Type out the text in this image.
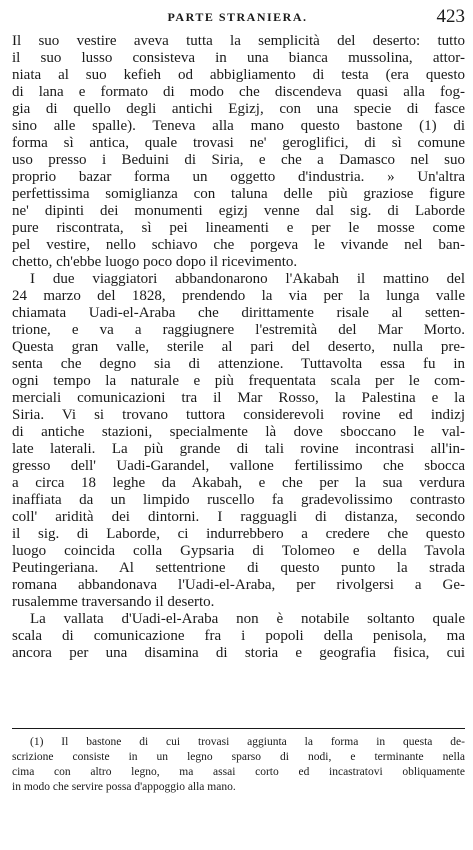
PARTE STRANIERA.	423
Il suo vestire aveva tutta la semplicità del deserto: tutto
il suo lusso consisteva in una bianca mussolina, attor-
niata al suo kefieh od abbigliamento di testa (era questo
di lana e formato di modo che discendeva quasi alla fog-
gia di quello degli antichi Egizj, con una specie di fasce
sino alle spalle). Teneva alla mano questo bastone (1) di
forma sì antica, quale trovasi ne' geroglifici, di sì comune
uso presso i Beduini di Siria, e che a Damasco nel suo
proprio bazar forma un oggetto d'industria. » Un'altra
perfettissima somiglianza con taluna delle più graziose figure
ne' dipinti dei monumenti egizj venne dal sig. di Laborde
pure riscontrata, sì pei lineamenti e per le mosse come
pel vestire, nello schiavo che porgeva le vivande nel ban-
chetto, ch'ebbe luogo poco dopo il ricevimento.
I due viaggiatori abbandonarono l'Akabah il mattino del
24 marzo del 1828, prendendo la via per la lunga valle
chiamata Uadi-el-Araba che dirittamente risale al setten-
trione, e va a raggiugnere l'estremità del Mar Morto.
Questa gran valle, sterile al pari del deserto, nulla pre-
senta che degno sia di attenzione. Tuttavolta essa fu in
ogni tempo la naturale e più frequentata scala per le com-
merciali comunicazioni tra il Mar Rosso, la Palestina e la
Siria. Vi si trovano tuttora considerevoli rovine ed indizj
di antiche stazioni, specialmente là dove sboccano le val-
late laterali. La più grande di tali rovine incontrasi all'in-
gresso dell' Uadi-Garandel, vallone fertilissimo che sbocca
a circa 18 leghe da Akabah, e che per la sua verdura
inaffiata da un limpido ruscello fa gradevolissimo contrasto
coll' aridità dei dintorni. I ragguagli di distanza, secondo
il sig. di Laborde, ci indurrebbero a credere che questo
luogo coincida colla Gypsaria di Tolomeo e della Tavola
Peutingeriana. Al settentrione di questo punto la strada
romana abbandonava l'Uadi-el-Araba, per rivolgersi a Ge-
rusalemme traversando il deserto.
La vallata d'Uadi-el-Araba non è notabile soltanto quale
scala di comunicazione fra i popoli della penisola, ma
ancora per una disamina di storia e geografia fisica, cui
(1) Il bastone di cui trovasi aggiunta la forma in questa de-
scrizione consiste in un legno sparso di nodi, e terminante nella
cima con altro legno, ma assai corto ed incastratovi obliquamente
in modo che servire possa d'appoggio alla mano.
